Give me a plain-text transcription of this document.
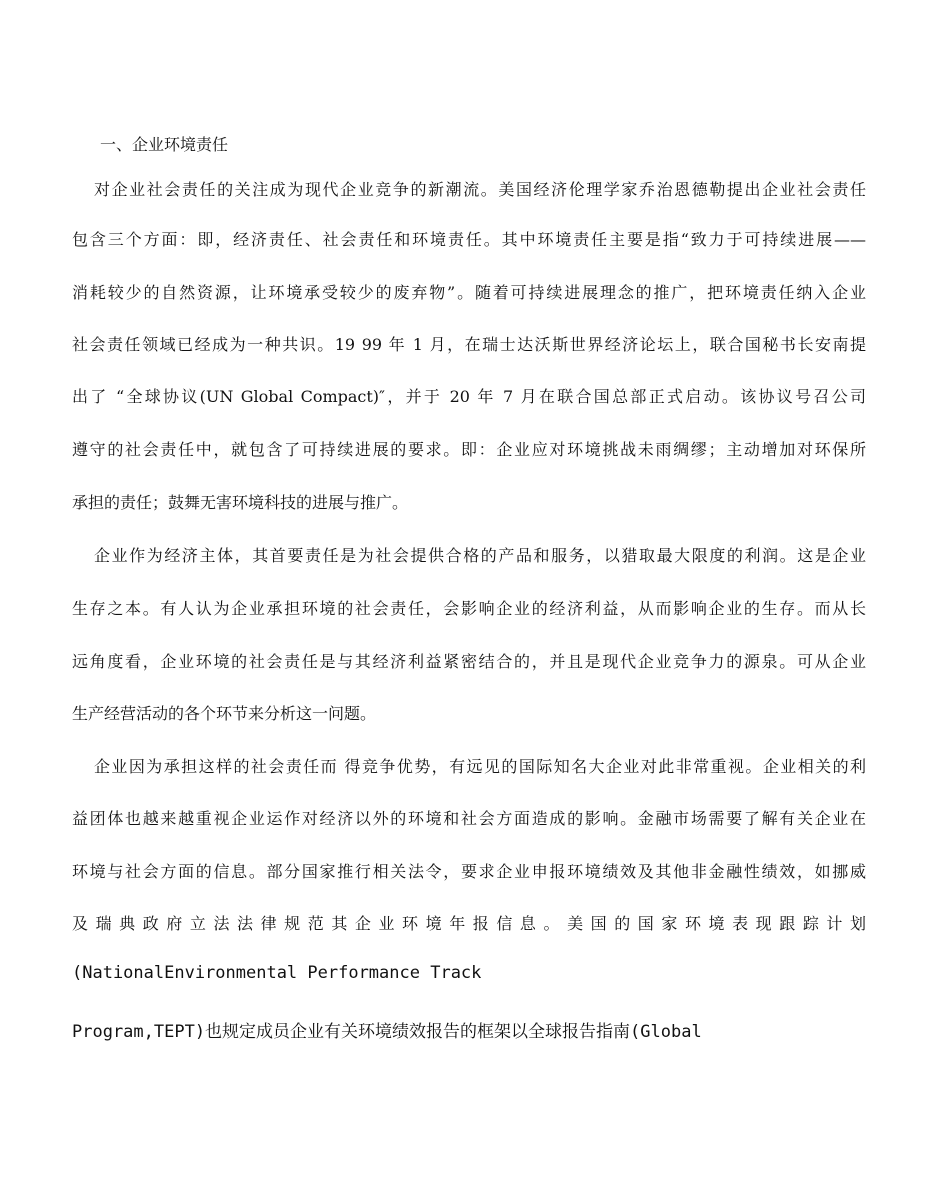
一、企业环境责任
对企业社会责任的关注成为现代企业竞争的新潮流。美国经济伦理学家乔治恩德勒提出企业社会责任
包含三个方面：即，经济责任、社会责任和环境责任。其中环境责任主要是指“致力于可持续进展——
消耗较少的自然资源，让环境承受较少的废弃物”。随着可持续进展理念的推广，把环境责任纳入企业
社会责任领域已经成为一种共识。19 99 年 1 月，在瑞士达沃斯世界经济论坛上，联合国秘书长安南提
出了 “全球协议(UN Global Compact)″，并于 20 年 7 月在联合国总部正式启动。该协议号召公司
遵守的社会责任中，就包含了可持续进展的要求。即：企业应对环境挑战未雨绸缪；主动增加对环保所
承担的责任；鼓舞无害环境科技的进展与推广。
企业作为经济主体，其首要责任是为社会提供合格的产品和服务，以猎取最大限度的利润。这是企业
生存之本。有人认为企业承担环境的社会责任，会影响企业的经济利益，从而影响企业的生存。而从长
远角度看，企业环境的社会责任是与其经济利益紧密结合的，并且是现代企业竞争力的源泉。可从企业
生产经营活动的各个环节来分析这一问题。
企业因为承担这样的社会责任而 得竞争优势，有远见的国际知名大企业对此非常重视。企业相关的利
益团体也越来越重视企业运作对经济以外的环境和社会方面造成的影响。金融市场需要了解有关企业在
环境与社会方面的信息。部分国家推行相关法令，要求企业申报环境绩效及其他非金融性绩效，如挪威
及瑞典政府立法法律规范其企业环境年报信息。美国的国家环境表现跟踪计划
(NationalEnvironmental Performance Track
Program,TEPT)也规定成员企业有关环境绩效报告的框架以全球报告指南(Global
